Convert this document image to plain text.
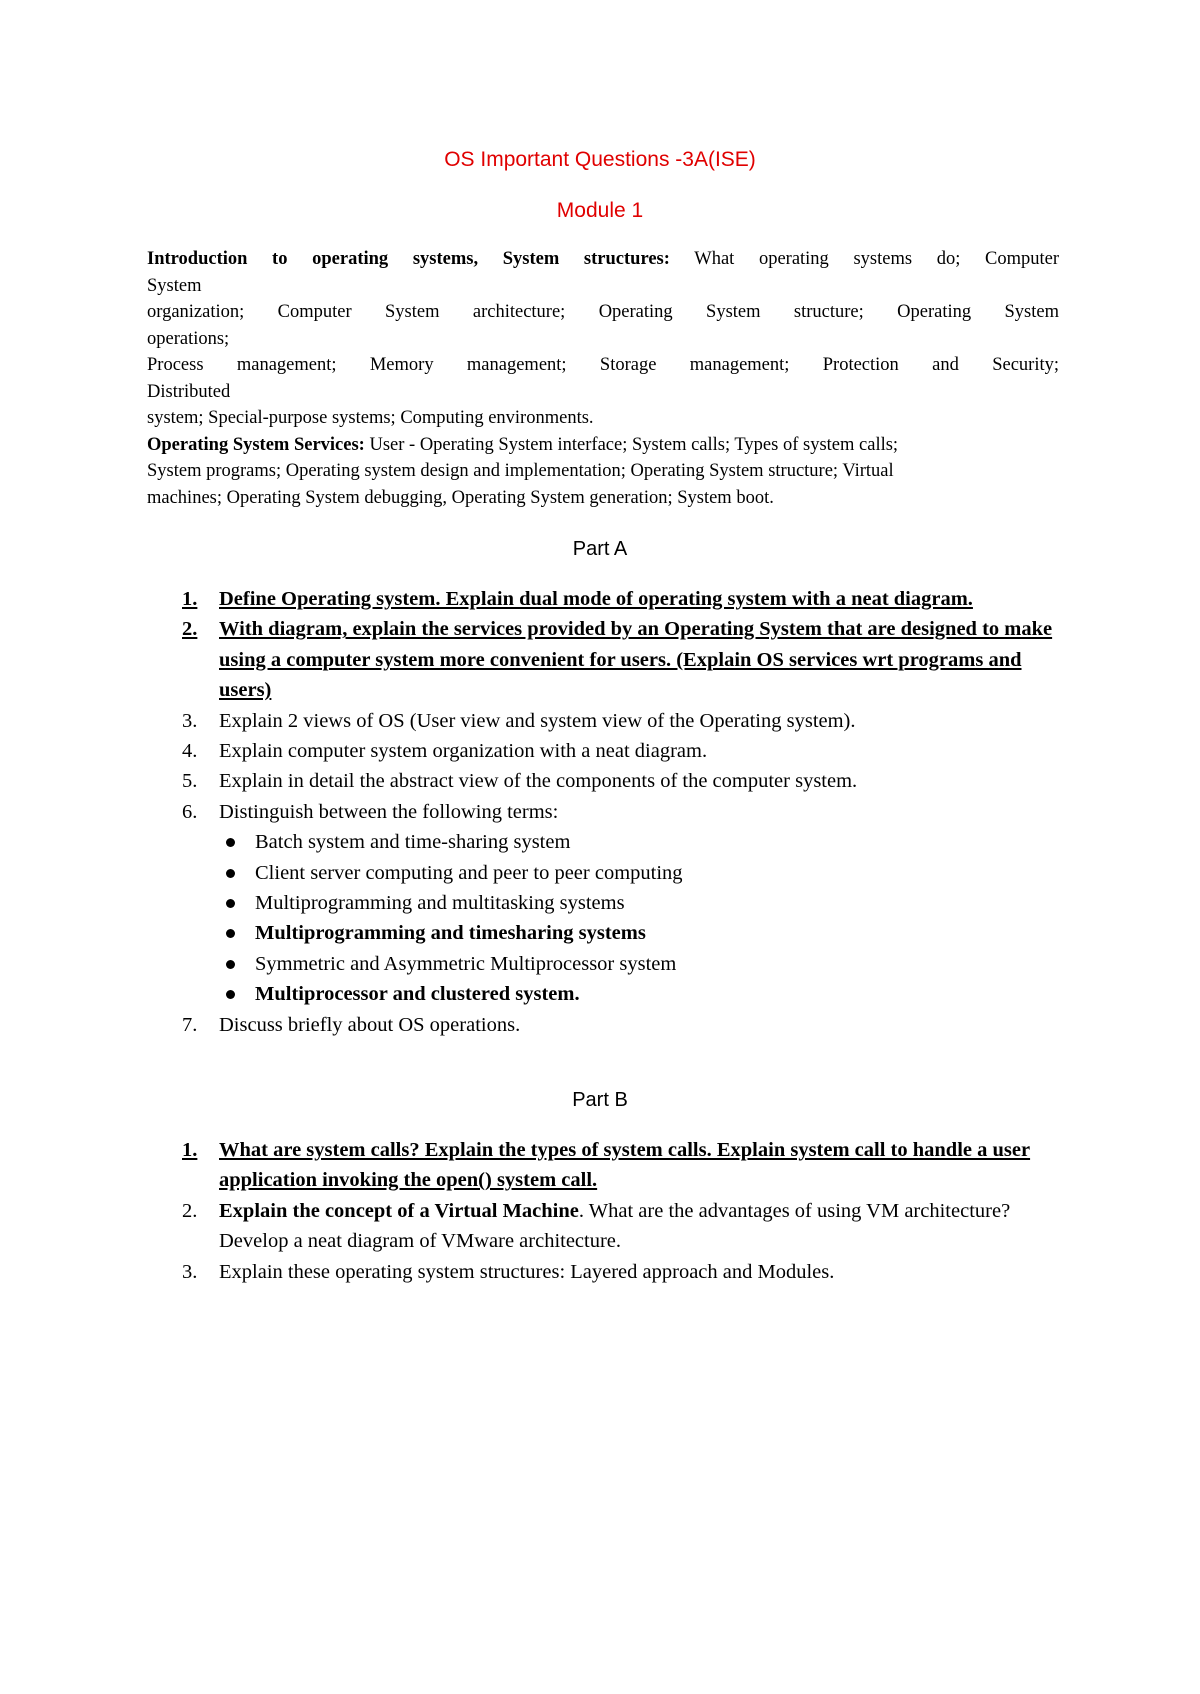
OS Important Questions -3A(ISE)
Module 1
Introduction to operating systems, System structures: What operating systems do; Computer
System
organization; Computer System architecture; Operating System structure; Operating System
operations;
Process management; Memory management; Storage management; Protection and Security;
Distributed
system; Special-purpose systems; Computing environments.
Operating System Services: User - Operating System interface; System calls; Types of system calls;
System programs; Operating system design and implementation; Operating System structure; Virtual
machines; Operating System debugging, Operating System generation; System boot.
Part A
1. Define Operating system. Explain dual mode of operating system with a neat diagram.
2. With diagram, explain the services provided by an Operating System that are designed to make using a computer system more convenient for users. (Explain OS services wrt programs and users)
3. Explain 2 views of OS (User view and system view of the Operating system).
4. Explain computer system organization with a neat diagram.
5. Explain in detail the abstract view of the components of the computer system.
6. Distinguish between the following terms:
Batch system and time-sharing system
Client server computing and peer to peer computing
Multiprogramming and multitasking systems
Multiprogramming and timesharing systems
Symmetric and Asymmetric Multiprocessor system
Multiprocessor and clustered system.
7. Discuss briefly about OS operations.
Part B
1. What are system calls? Explain the types of system calls. Explain system call to handle a user application invoking the open() system call.
2. Explain the concept of a Virtual Machine. What are the advantages of using VM architecture? Develop a neat diagram of VMware architecture.
3. Explain these operating system structures: Layered approach and Modules.
